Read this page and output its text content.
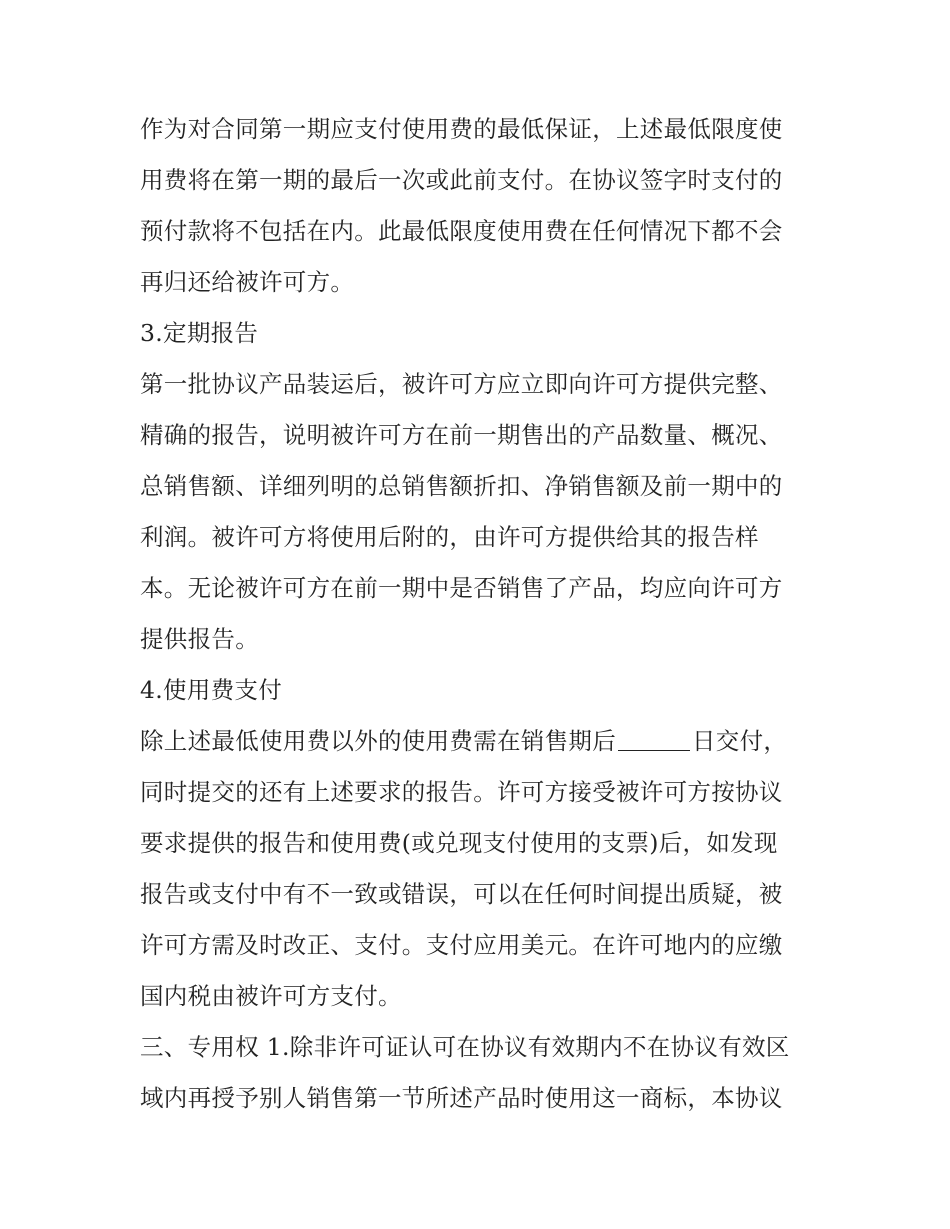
作为对合同第一期应支付使用费的最低保证，上述最低限度使
用费将在第一期的最后一次或此前支付。在协议签字时支付的
预付款将不包括在内。此最低限度使用费在任何情况下都不会
再归还给被许可方。
3.定期报告
第一批协议产品装运后，被许可方应立即向许可方提供完整、
精确的报告，说明被许可方在前一期售出的产品数量、概况、
总销售额、详细列明的总销售额折扣、净销售额及前一期中的
利润。被许可方将使用后附的，由许可方提供给其的报告样
本。无论被许可方在前一期中是否销售了产品，均应向许可方
提供报告。
4.使用费支付
除上述最低使用费以外的使用费需在销售期后	日交付，
同时提交的还有上述要求的报告。许可方接受被许可方按协议
要求提供的报告和使用费(或兑现支付使用的支票)后，如发现
报告或支付中有不一致或错误，可以在任何时间提出质疑，被
许可方需及时改正、支付。支付应用美元。在许可地内的应缴
国内税由被许可方支付。
三、专用权 1.除非许可证认可在协议有效期内不在协议有效区
域内再授予别人销售第一节所述产品时使用这一商标，本协议
